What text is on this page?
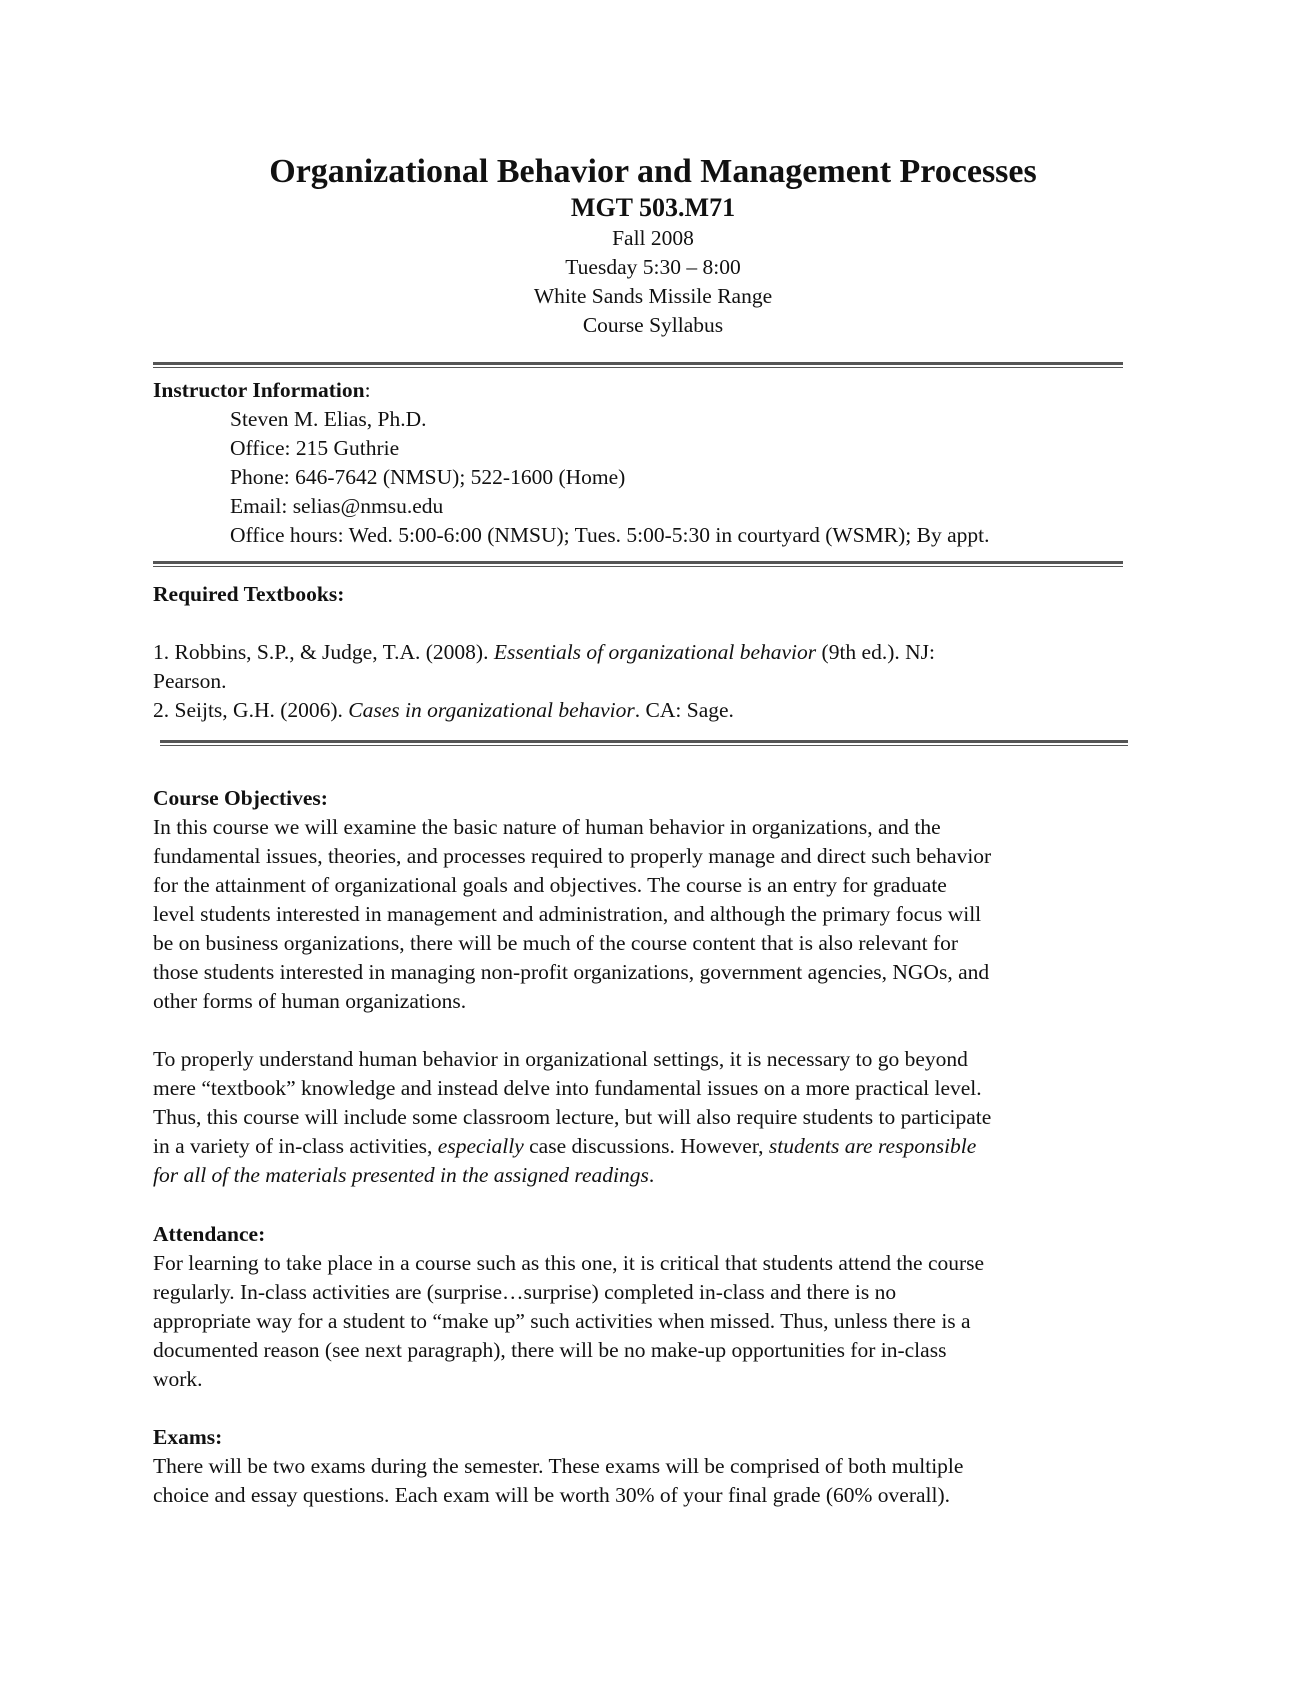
Organizational Behavior and Management Processes

MGT 503.M71

Fall 2008

Tuesday 5:30 – 8:00

White Sands Missile Range

Course Syllabus

Instructor Information:

Steven M. Elias, Ph.D.

Office: 215 Guthrie

Phone: 646-7642 (NMSU); 522-1600 (Home)

Email: selias@nmsu.edu

Office hours: Wed. 5:00-6:00 (NMSU); Tues. 5:00-5:30 in courtyard (WSMR); By appt.

Required Textbooks:

1. Robbins, S.P., & Judge, T.A. (2008). Essentials of organizational behavior (9th ed.). NJ:

Pearson.

2. Seijts, G.H. (2006). Cases in organizational behavior. CA: Sage.

Course Objectives:

In this course we will examine the basic nature of human behavior in organizations, and the

fundamental issues, theories, and processes required to properly manage and direct such behavior

for the attainment of organizational goals and objectives. The course is an entry for graduate

level students interested in management and administration, and although the primary focus will

be on business organizations, there will be much of the course content that is also relevant for

those students interested in managing non-profit organizations, government agencies, NGOs, and

other forms of human organizations.

To properly understand human behavior in organizational settings, it is necessary to go beyond

mere “textbook” knowledge and instead delve into fundamental issues on a more practical level.

Thus, this course will include some classroom lecture, but will also require students to participate

in a variety of in-class activities, especially case discussions. However, students are responsible

for all of the materials presented in the assigned readings.

Attendance:

For learning to take place in a course such as this one, it is critical that students attend the course

regularly. In-class activities are (surprise…surprise) completed in-class and there is no

appropriate way for a student to “make up” such activities when missed. Thus, unless there is a

documented reason (see next paragraph), there will be no make-up opportunities for in-class

work.

Exams:

There will be two exams during the semester. These exams will be comprised of both multiple

choice and essay questions. Each exam will be worth 30% of your final grade (60% overall).
